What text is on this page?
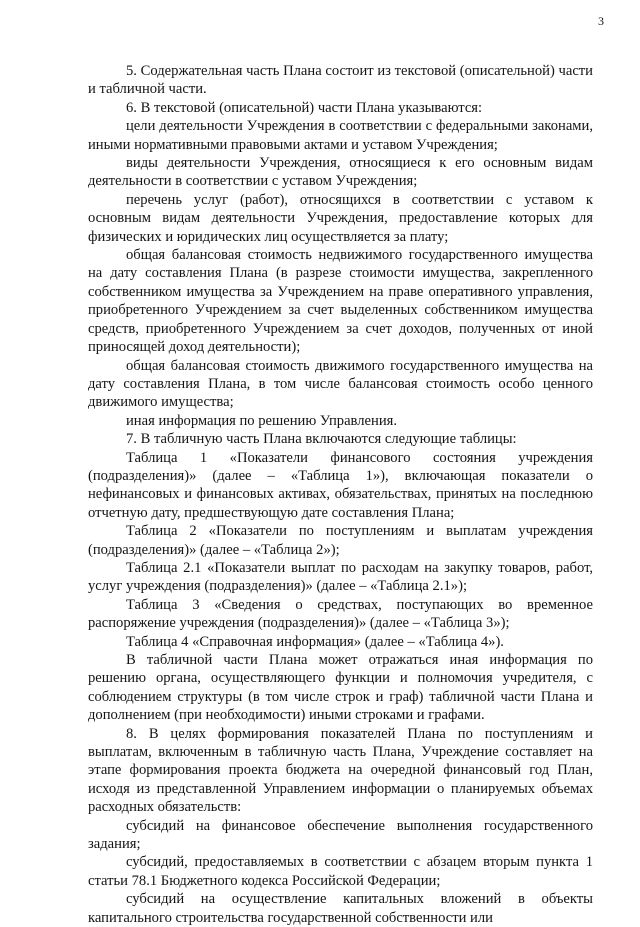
3

5. Содержательная часть Плана состоит из текстовой (описательной) части и табличной части.

6. В текстовой (описательной) части Плана указываются:

цели деятельности Учреждения в соответствии с федеральными законами, иными нормативными правовыми актами и уставом Учреждения;

виды деятельности Учреждения, относящиеся к его основным видам деятельности в соответствии с уставом Учреждения;

перечень услуг (работ), относящихся в соответствии с уставом к основным видам деятельности Учреждения, предоставление которых для физических и юридических лиц осуществляется за плату;

общая балансовая стоимость недвижимого государственного имущества на дату составления Плана (в разрезе стоимости имущества, закрепленного собственником имущества за Учреждением на праве оперативного управления, приобретенного Учреждением за счет выделенных собственником имущества средств, приобретенного Учреждением за счет доходов, полученных от иной приносящей доход деятельности);

общая балансовая стоимость движимого государственного имущества на дату составления Плана, в том числе балансовая стоимость особо ценного движимого имущества;

иная информация по решению Управления.

7. В табличную часть Плана включаются следующие таблицы:

Таблица 1 «Показатели финансового состояния учреждения (подразделения)» (далее – «Таблица 1»), включающая показатели о нефинансовых и финансовых активах, обязательствах, принятых на последнюю отчетную дату, предшествующую дате составления Плана;

Таблица 2 «Показатели по поступлениям и выплатам учреждения (подразделения)» (далее – «Таблица 2»);

Таблица 2.1 «Показатели выплат по расходам на закупку товаров, работ, услуг учреждения (подразделения)» (далее – «Таблица 2.1»);

Таблица 3 «Сведения о средствах, поступающих во временное распоряжение учреждения (подразделения)» (далее – «Таблица 3»);

Таблица 4 «Справочная информация» (далее – «Таблица 4»).

В табличной части Плана может отражаться иная информация по решению органа, осуществляющего функции и полномочия учредителя, с соблюдением структуры (в том числе строк и граф) табличной части Плана и дополнением (при необходимости) иными строками и графами.

8. В целях формирования показателей Плана по поступлениям и выплатам, включенным в табличную часть Плана, Учреждение составляет на этапе формирования проекта бюджета на очередной финансовый год План, исходя из представленной Управлением информации о планируемых объемах расходных обязательств:

субсидий на финансовое обеспечение выполнения государственного задания;

субсидий, предоставляемых в соответствии с абзацем вторым пункта 1 статьи 78.1 Бюджетного кодекса Российской Федерации;

субсидий на осуществление капитальных вложений в объекты капитального строительства государственной собственности или
